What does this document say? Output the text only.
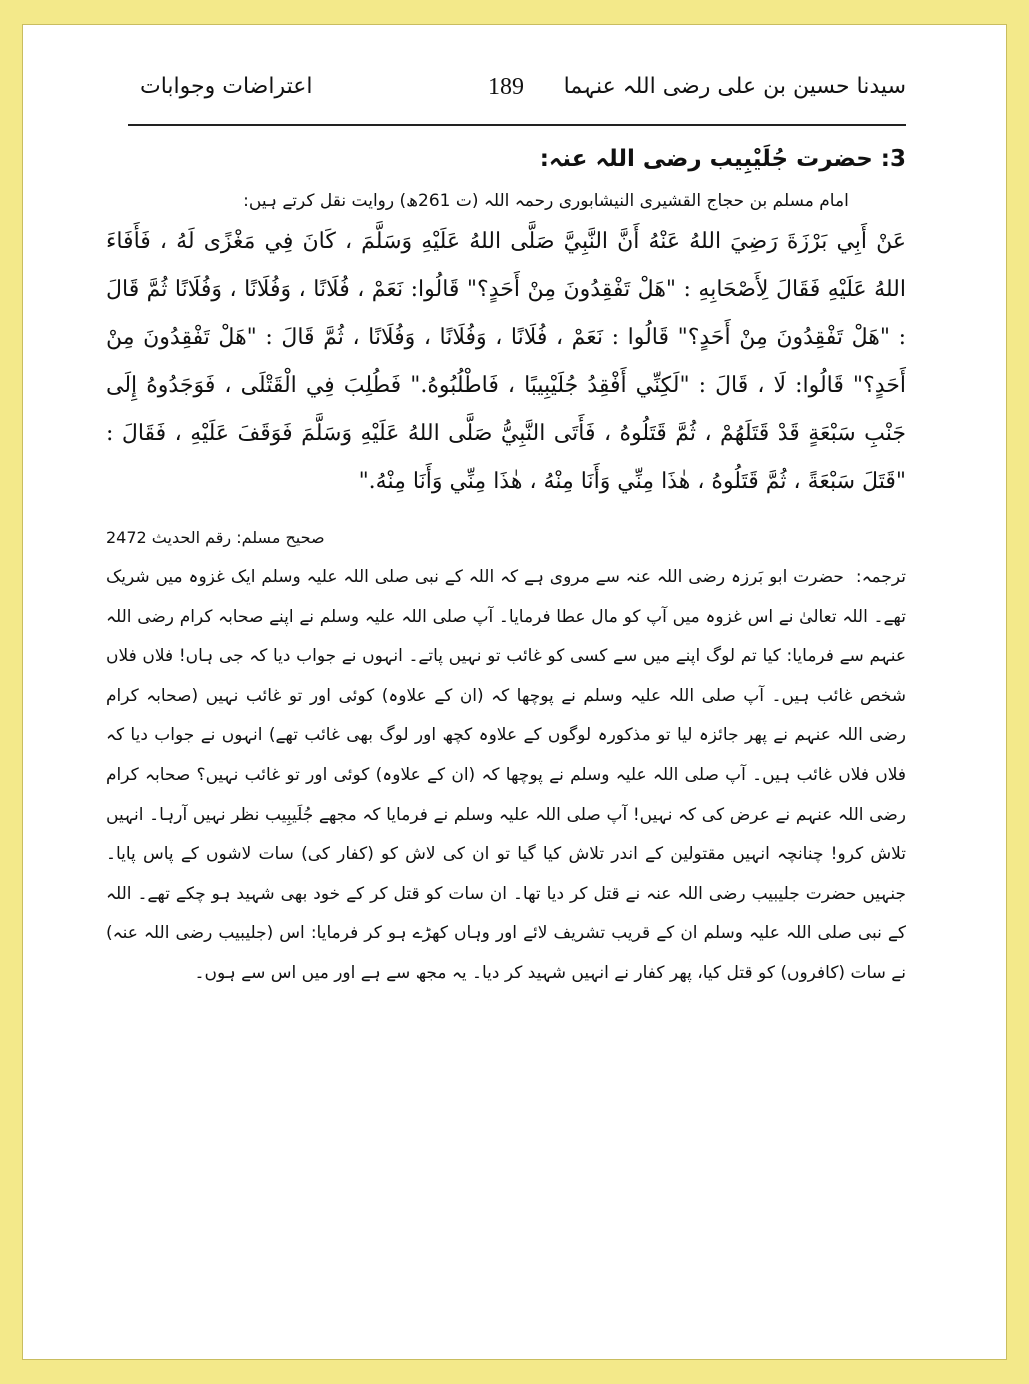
سیدنا حسین بن علی رضی اللہ عنہما
189
اعتراضات وجوابات
3: حضرت جُلَیْبِیب رضی اللہ عنہ:

امام مسلم بن حجاج القشیری النیشابوری رحمہ اللہ (ت 261ھ) روایت نقل کرتے ہیں:

عَنْ أَبِي بَرْزَةَ رَضِيَ اللهُ عَنْهُ أَنَّ النَّبِيَّ صَلَّى اللهُ عَلَيْهِ وَسَلَّمَ ، كَانَ فِي مَغْزًى لَهُ ، فَأَفَاءَ اللهُ عَلَيْهِ فَقَالَ لِأَصْحَابِهِ : "هَلْ تَفْقِدُونَ مِنْ أَحَدٍ؟" قَالُوا: نَعَمْ ، فُلَانًا ، وَفُلَانًا ، وَفُلَانًا ثُمَّ قَالَ : "هَلْ تَفْقِدُونَ مِنْ أَحَدٍ؟" قَالُوا : نَعَمْ ، فُلَانًا ، وَفُلَانًا ، وَفُلَانًا ، ثُمَّ قَالَ : "هَلْ تَفْقِدُونَ مِنْ أَحَدٍ؟" قَالُوا: لَا ، قَالَ : "لَكِنِّي أَفْقِدُ جُلَيْبِيبًا ، فَاطْلُبُوهُ." فَطُلِبَ فِي الْقَتْلَى ، فَوَجَدُوهُ إِلَى جَنْبِ سَبْعَةٍ قَدْ قَتَلَهُمْ ، ثُمَّ قَتَلُوهُ ، فَأَتَى النَّبِيُّ صَلَّى اللهُ عَلَيْهِ وَسَلَّمَ فَوَقَفَ عَلَيْهِ ، فَقَالَ : "قَتَلَ سَبْعَةً ، ثُمَّ قَتَلُوهُ ، هٰذَا مِنِّي وَأَنَا مِنْهُ ، هٰذَا مِنِّي وَأَنَا مِنْهُ."

صحیح مسلم: رقم الحدیث 2472

ترجمہ:حضرت ابو بَرزہ رضی اللہ عنہ سے مروی ہے کہ اللہ کے نبی صلی اللہ علیہ وسلم ایک غزوہ میں شریک تھے۔ اللہ تعالیٰ نے اس غزوہ میں آپ کو مال عطا فرمایا۔ آپ صلی اللہ علیہ وسلم نے اپنے صحابہ کرام رضی اللہ عنہم سے فرمایا: کیا تم لوگ اپنے میں سے کسی کو غائب تو نہیں پاتے۔ انہوں نے جواب دیا کہ جی ہاں! فلاں فلاں شخص غائب ہیں۔ آپ صلی اللہ علیہ وسلم نے پوچھا کہ (ان کے علاوہ) کوئی اور تو غائب نہیں (صحابہ کرام رضی اللہ عنہم نے پھر جائزہ لیا تو مذکورہ لوگوں کے علاوہ کچھ اور لوگ بھی غائب تھے) انہوں نے جواب دیا کہ فلاں فلاں غائب ہیں۔ آپ صلی اللہ علیہ وسلم نے پوچھا کہ (ان کے علاوہ) کوئی اور تو غائب نہیں؟ صحابہ کرام رضی اللہ عنہم نے عرض کی کہ نہیں! آپ صلی اللہ علیہ وسلم نے فرمایا کہ مجھے جُلَیبِیب نظر نہیں آرہا۔ انہیں تلاش کرو! چنانچہ انہیں مقتولین کے اندر تلاش کیا گیا تو ان کی لاش کو (کفار کی) سات لاشوں کے پاس پایا۔ جنہیں حضرت جلیبیب رضی اللہ عنہ نے قتل کر دیا تھا۔ ان سات کو قتل کر کے خود بھی شہید ہو چکے تھے۔ اللہ کے نبی صلی اللہ علیہ وسلم ان کے قریب تشریف لائے اور وہاں کھڑے ہو کر فرمایا: اس (جلیبیب رضی اللہ عنہ) نے سات (کافروں) کو قتل کیا، پھر کفار نے انہیں شہید کر دیا۔ یہ مجھ سے ہے اور میں اس سے ہوں۔
